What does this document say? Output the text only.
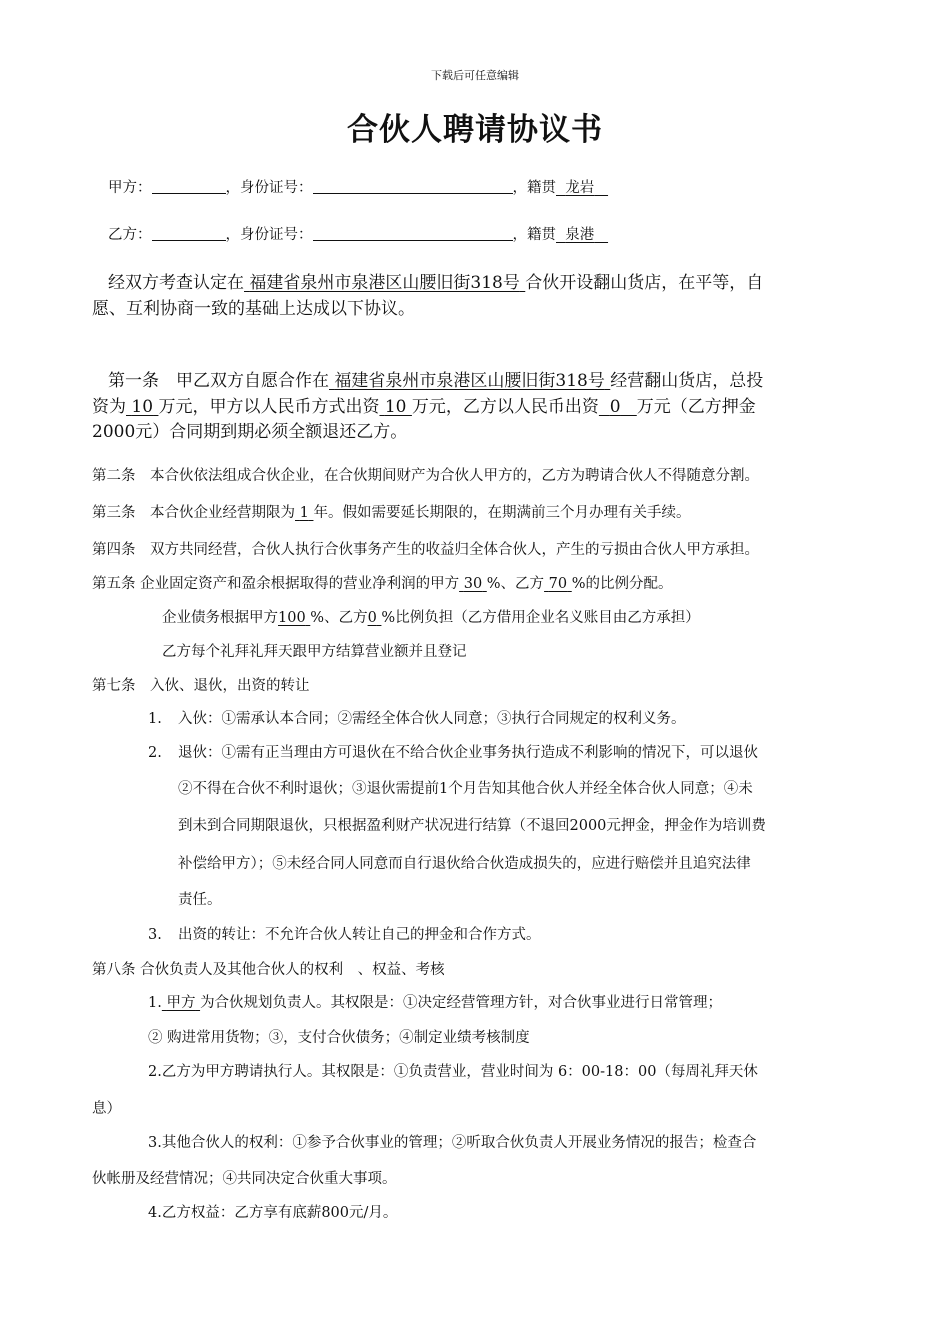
下载后可任意编辑
合伙人聘请协议书
甲方：	，身份证号：	，籍贯 龙岩
乙方：	，身份证号：	，籍贯 泉港
经双方考查认定在 福建省泉州市泉港区山腰旧街318号 合伙开设翻山货店，在平等，自
愿、互利协商一致的基础上达成以下协议。
第一条　甲乙双方自愿合作在 福建省泉州市泉港区山腰旧街318号 经营翻山货店，总投
资为 10 万元，甲方以人民币方式出资 10 万元，乙方以人民币出资 0 万元（乙方押金
2000元）合同期到期必须全额退还乙方。
第二条　本合伙依法组成合伙企业，在合伙期间财产为合伙人甲方的，乙方为聘请合伙人不得随意分割。
第三条　本合伙企业经营期限为 1 年。假如需要延长期限的，在期满前三个月办理有关手续。
第四条　双方共同经营，合伙人执行合伙事务产生的收益归全体合伙人，产生的亏损由合伙人甲方承担。
第五条 企业固定资产和盈余根据取得的营业净利润的甲方 30 %、乙方 70 %的比例分配。
企业债务根据甲方100 %、乙方0 %比例负担（乙方借用企业名义账目由乙方承担）
乙方每个礼拜礼拜天跟甲方结算营业额并且登记
第七条　入伙、退伙，出资的转让
1. 入伙：①需承认本合同；②需经全体合伙人同意；③执行合同规定的权利义务。
2. 退伙：①需有正当理由方可退伙在不给合伙企业事务执行造成不利影响的情况下，可以退伙
②不得在合伙不利时退伙；③退伙需提前1个月告知其他合伙人并经全体合伙人同意；④未
到未到合同期限退伙，只根据盈利财产状况进行结算（不退回2000元押金，押金作为培训费
补偿给甲方）；⑤未经合同人同意而自行退伙给合伙造成损失的，应进行赔偿并且追究法律
责任。
3. 出资的转让：不允许合伙人转让自己的押金和合作方式。
第八条 合伙负责人及其他合伙人的权利　、权益、考核
1. 甲方 为合伙规划负责人。其权限是：①决定经营管理方针，对合伙事业进行日常管理；
② 购进常用货物；③，支付合伙债务；④制定业绩考核制度
2.乙方为甲方聘请执行人。其权限是：①负责营业，营业时间为 6：00-18：00（每周礼拜天休
息）
3.其他合伙人的权利：①参予合伙事业的管理；②听取合伙负责人开展业务情况的报告；检查合
伙帐册及经营情况；④共同决定合伙重大事项。
4.乙方权益：乙方享有底薪800元/月。
